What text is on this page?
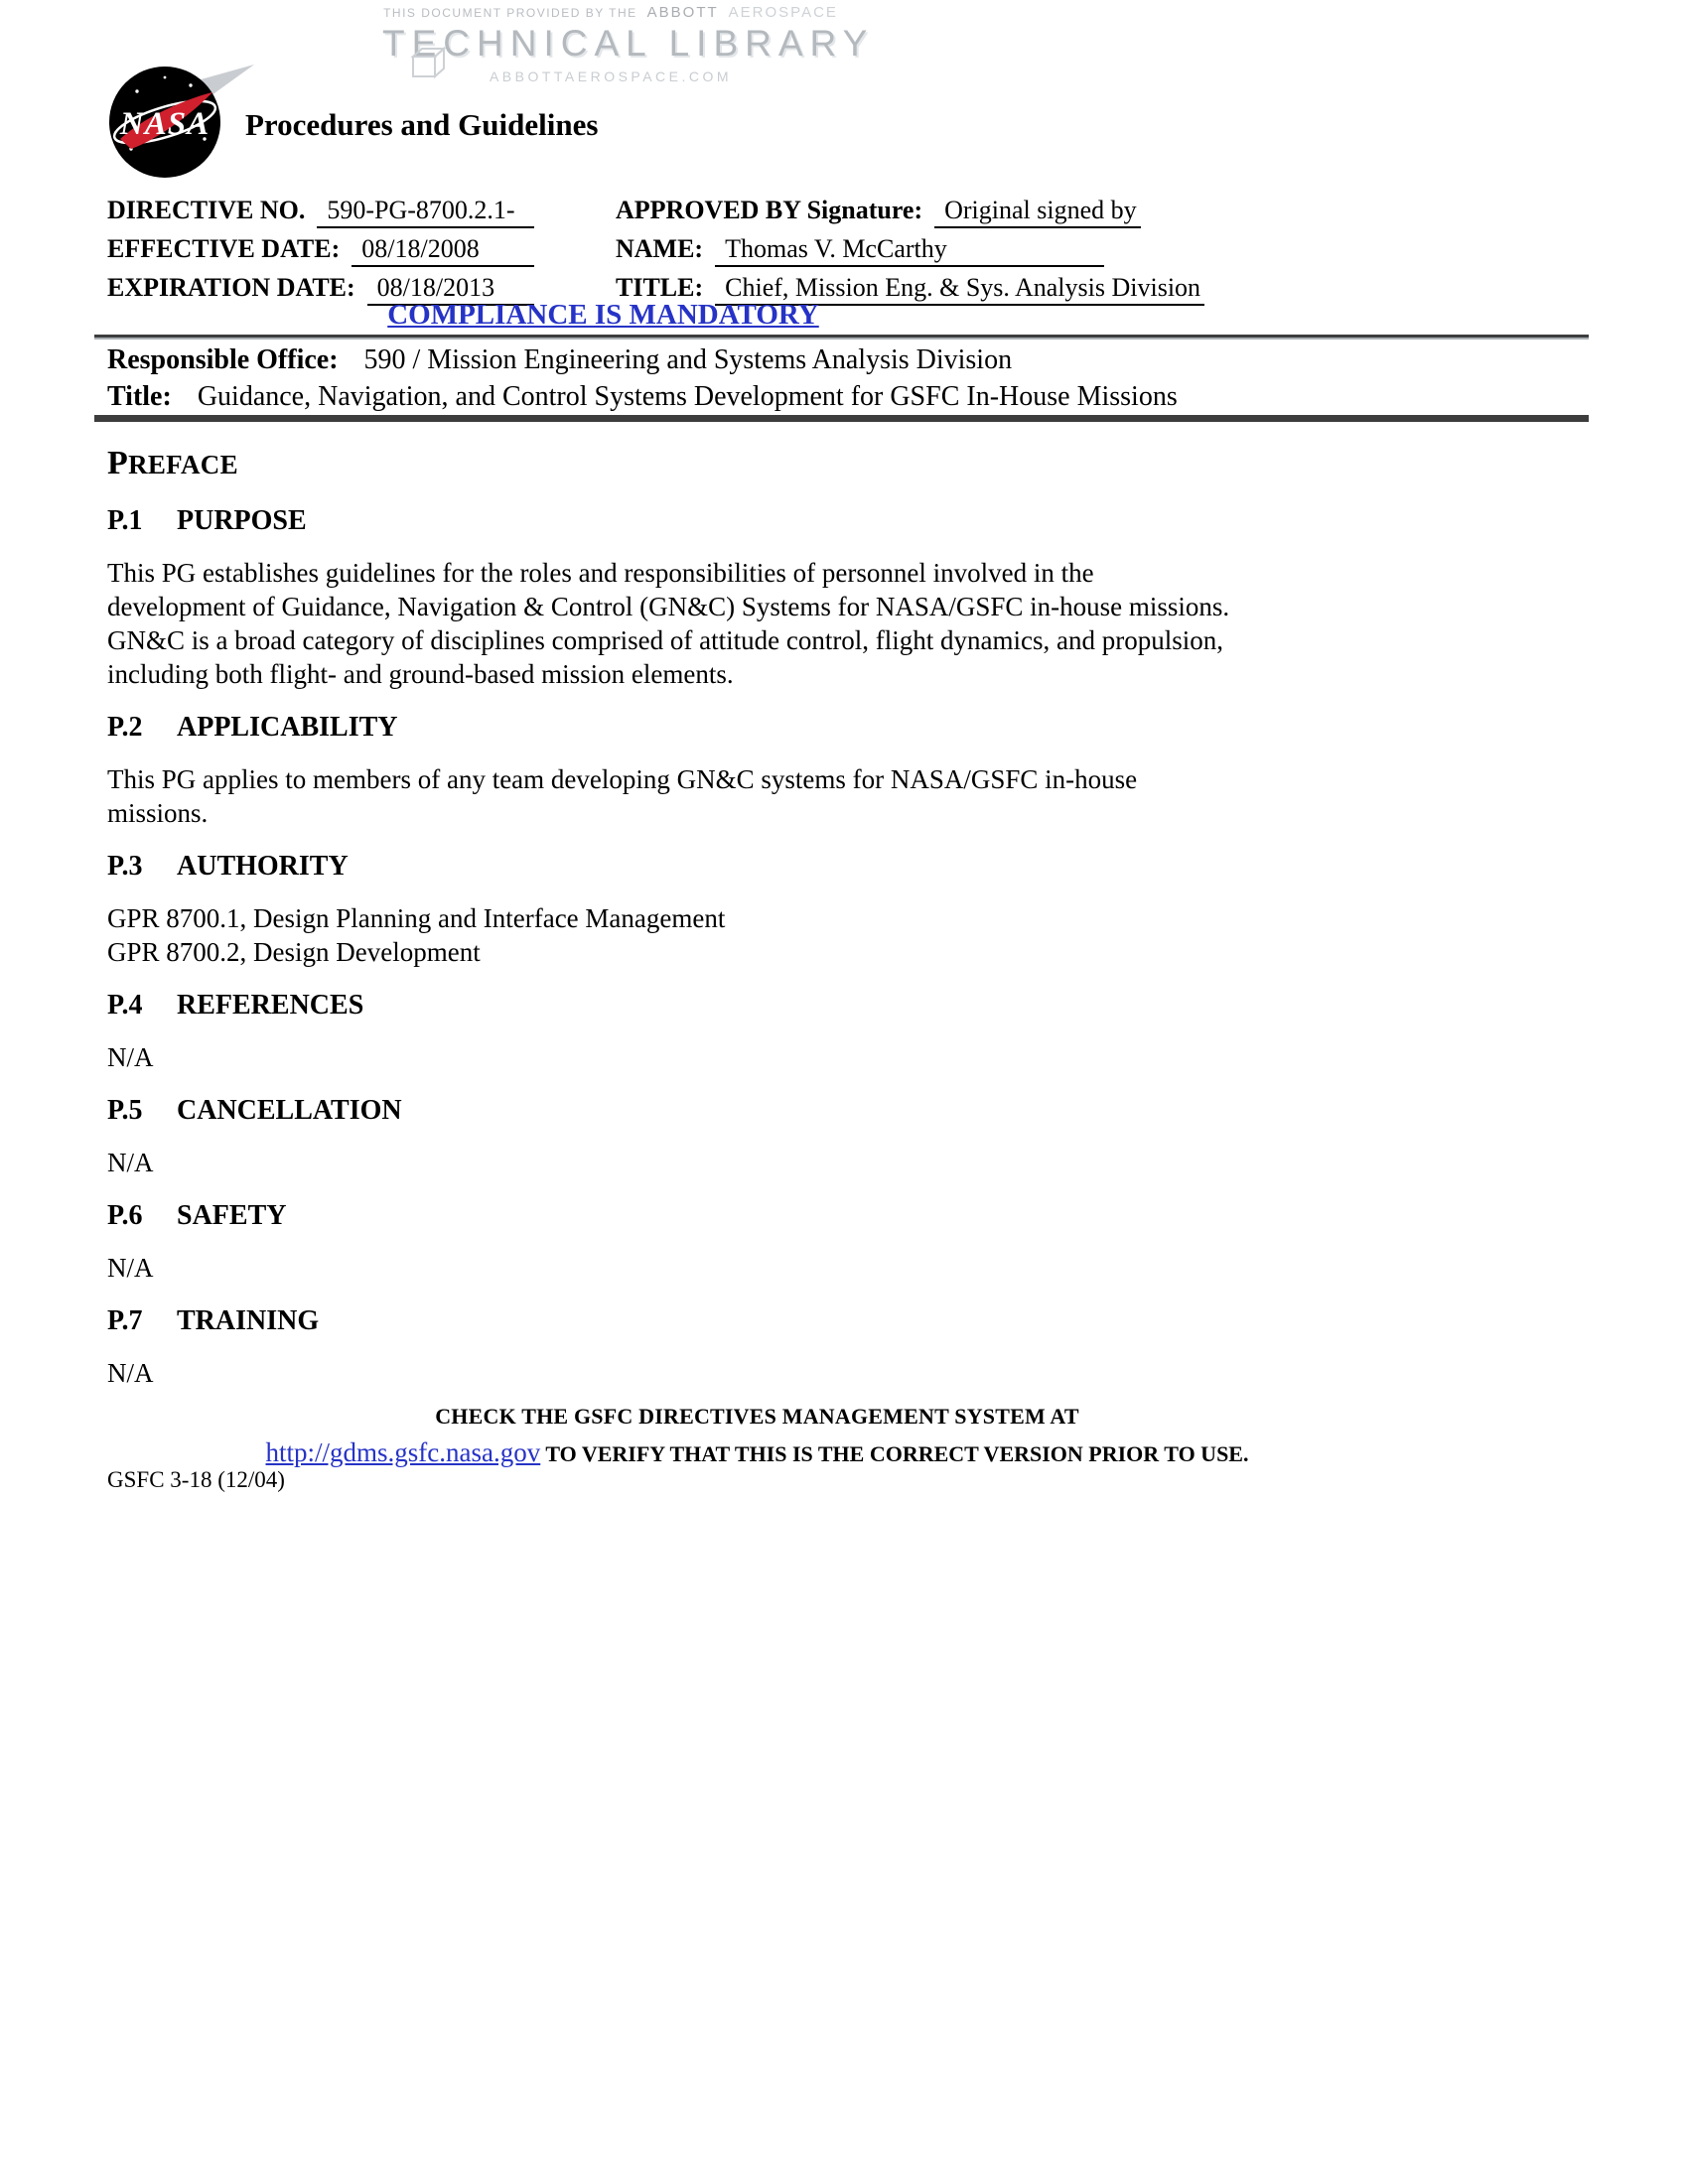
THIS DOCUMENT PROVIDED BY THE ABBOTT AEROSPACE
TECHNICAL LIBRARY
ABBOTTAEROSPACE.COM
NASA Procedures and Guidelines
DIRECTIVE NO. 590-PG-8700.2.1-	APPROVED BY Signature: Original signed by
EFFECTIVE DATE: 08/18/2008	NAME: Thomas V. McCarthy
EXPIRATION DATE: 08/18/2013	TITLE: Chief, Mission Eng. & Sys. Analysis Division
COMPLIANCE IS MANDATORY
Responsible Office: 590 / Mission Engineering and Systems Analysis Division
Title: Guidance, Navigation, and Control Systems Development for GSFC In-House Missions
PREFACE
P.1	PURPOSE
This PG establishes guidelines for the roles and responsibilities of personnel involved in the
development of Guidance, Navigation & Control (GN&C) Systems for NASA/GSFC in-house missions.
GN&C is a broad category of disciplines comprised of attitude control, flight dynamics, and propulsion,
including both flight- and ground-based mission elements.
P.2	APPLICABILITY
This PG applies to members of any team developing GN&C systems for NASA/GSFC in-house
missions.
P.3	AUTHORITY
GPR 8700.1, Design Planning and Interface Management
GPR 8700.2, Design Development
P.4	REFERENCES
N/A
P.5	CANCELLATION
N/A
P.6	SAFETY
N/A
P.7	TRAINING
N/A
CHECK THE GSFC DIRECTIVES MANAGEMENT SYSTEM AT
http://gdms.gsfc.nasa.gov TO VERIFY THAT THIS IS THE CORRECT VERSION PRIOR TO USE.
GSFC 3-18 (12/04)
